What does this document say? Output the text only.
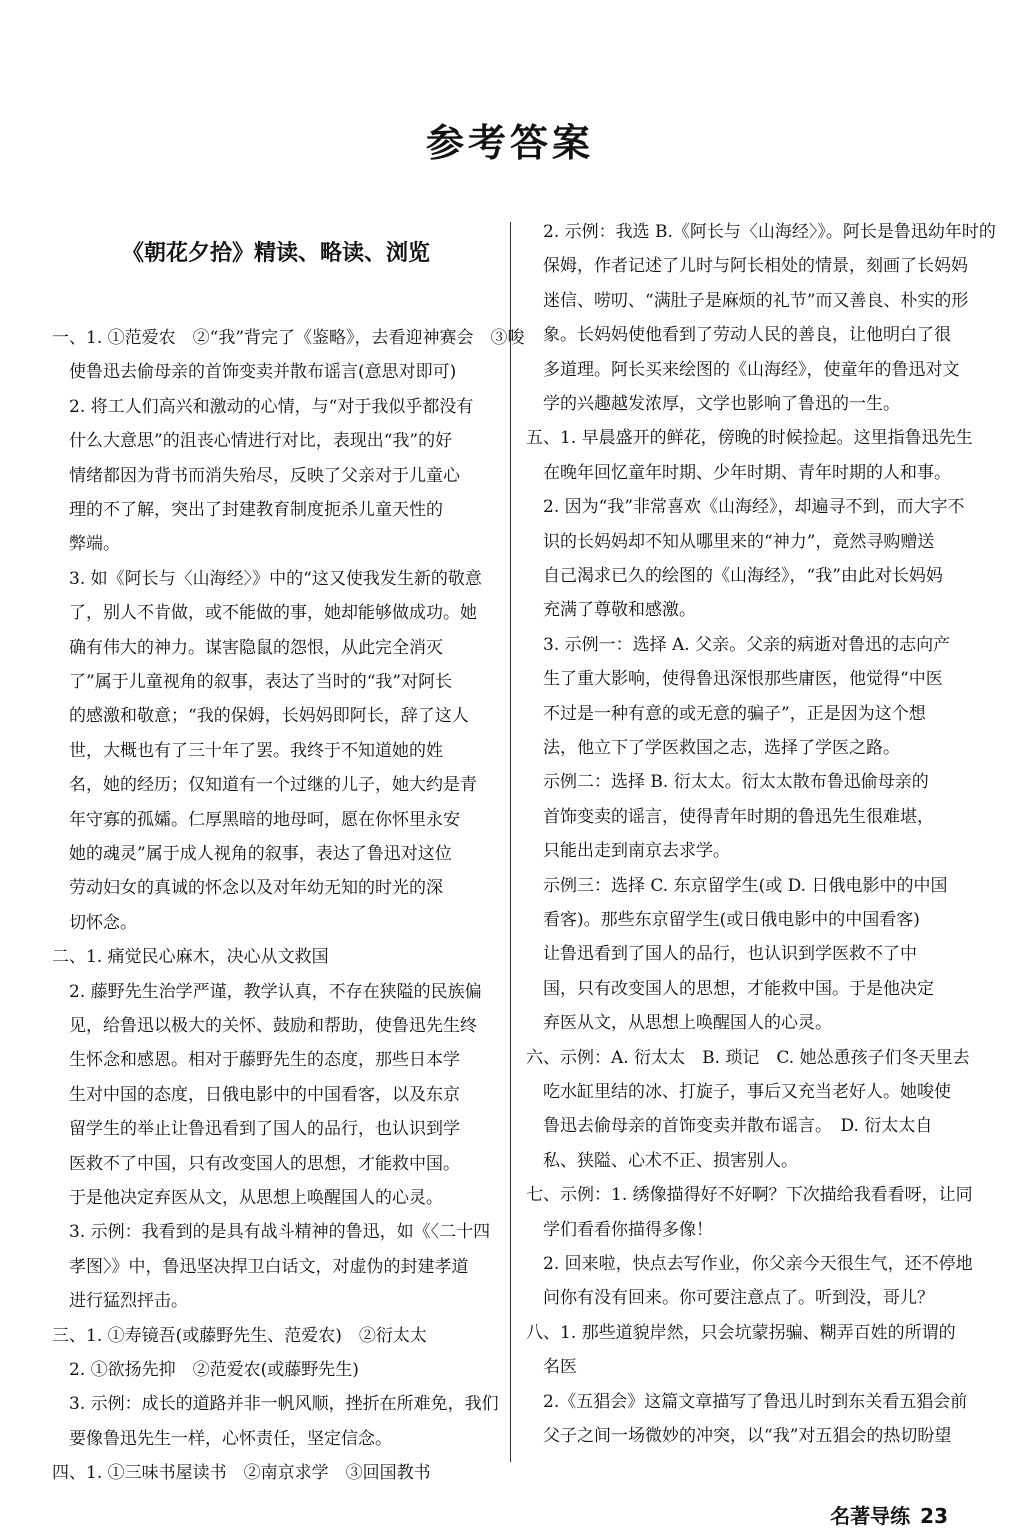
参考答案
《朝花夕拾》精读、略读、浏览
一、1. ①范爱农　②“我”背完了《鉴略》，去看迎神赛会　③唆
　使鲁迅去偷母亲的首饰变卖并散布谣言(意思对即可)
　2. 将工人们高兴和激动的心情，与“对于我似乎都没有
　什么大意思”的沮丧心情进行对比，表现出“我”的好
　情绪都因为背书而消失殆尽，反映了父亲对于儿童心
　理的不了解，突出了封建教育制度扼杀儿童天性的
　弊端。
　3. 如《阿长与〈山海经〉》中的“这又使我发生新的敬意
　了，别人不肯做，或不能做的事，她却能够做成功。她
　确有伟大的神力。谋害隐鼠的怨恨，从此完全消灭
　了”属于儿童视角的叙事，表达了当时的“我”对阿长
　的感激和敬意；“我的保姆，长妈妈即阿长，辞了这人
　世，大概也有了三十年了罢。我终于不知道她的姓
　名，她的经历；仅知道有一个过继的儿子，她大约是青
　年守寡的孤孀。仁厚黑暗的地母呵，愿在你怀里永安
　她的魂灵”属于成人视角的叙事，表达了鲁迅对这位
　劳动妇女的真诚的怀念以及对年幼无知的时光的深
　切怀念。
二、1. 痛觉民心麻木，决心从文救国
　2. 藤野先生治学严谨，教学认真，不存在狭隘的民族偏
　见，给鲁迅以极大的关怀、鼓励和帮助，使鲁迅先生终
　生怀念和感恩。相对于藤野先生的态度，那些日本学
　生对中国的态度，日俄电影中的中国看客，以及东京
　留学生的举止让鲁迅看到了国人的品行，也认识到学
　医救不了中国，只有改变国人的思想，才能救中国。
　于是他决定弃医从文，从思想上唤醒国人的心灵。
　3. 示例：我看到的是具有战斗精神的鲁迅，如《〈二十四
　孝图〉》中，鲁迅坚决捍卫白话文，对虚伪的封建孝道
　进行猛烈抨击。
三、1. ①寿镜吾(或藤野先生、范爱农)　②衍太太
　2. ①欲扬先抑　②范爱农(或藤野先生)
　3. 示例：成长的道路并非一帆风顺，挫折在所难免，我们
　要像鲁迅先生一样，心怀责任，坚定信念。
四、1. ①三味书屋读书　②南京求学　③回国教书
　2. 示例：我选 B.《阿长与〈山海经〉》。阿长是鲁迅幼年时的
　保姆，作者记述了儿时与阿长相处的情景，刻画了长妈妈
　迷信、唠叨、“满肚子是麻烦的礼节”而又善良、朴实的形
　象。长妈妈使他看到了劳动人民的善良，让他明白了很
　多道理。阿长买来绘图的《山海经》，使童年的鲁迅对文
　学的兴趣越发浓厚，文学也影响了鲁迅的一生。
五、1. 早晨盛开的鲜花，傍晚的时候捡起。这里指鲁迅先生
　在晚年回忆童年时期、少年时期、青年时期的人和事。
　2. 因为“我”非常喜欢《山海经》，却遍寻不到，而大字不
　识的长妈妈却不知从哪里来的“神力”，竟然寻购赠送
　自己渴求已久的绘图的《山海经》，“我”由此对长妈妈
　充满了尊敬和感激。
　3. 示例一：选择 A. 父亲。父亲的病逝对鲁迅的志向产
　生了重大影响，使得鲁迅深恨那些庸医，他觉得“中医
　不过是一种有意的或无意的骗子”，正是因为这个想
　法，他立下了学医救国之志，选择了学医之路。
　示例二：选择 B. 衍太太。衍太太散布鲁迅偷母亲的
　首饰变卖的谣言，使得青年时期的鲁迅先生很难堪，
　只能出走到南京去求学。
　示例三：选择 C. 东京留学生(或 D. 日俄电影中的中国
　看客)。那些东京留学生(或日俄电影中的中国看客)
　让鲁迅看到了国人的品行，也认识到学医救不了中
　国，只有改变国人的思想，才能救中国。于是他决定
　弃医从文，从思想上唤醒国人的心灵。
六、示例：A. 衍太太　B. 琐记　C. 她怂恿孩子们冬天里去
　吃水缸里结的冰、打旋子，事后又充当老好人。她唆使
　鲁迅去偷母亲的首饰变卖并散布谣言。　D. 衍太太自
　私、狭隘、心术不正、损害别人。
七、示例：1. 绣像描得好不好啊？下次描给我看看呀，让同
　学们看看你描得多像！
　2. 回来啦，快点去写作业，你父亲今天很生气，还不停地
　问你有没有回来。你可要注意点了。听到没，哥儿？
八、1. 那些道貌岸然，只会坑蒙拐骗、糊弄百姓的所谓的
　名医
　2.《五猖会》这篇文章描写了鲁迅儿时到东关看五猖会前
　父子之间一场微妙的冲突，以“我”对五猖会的热切盼望
名著导练 23
